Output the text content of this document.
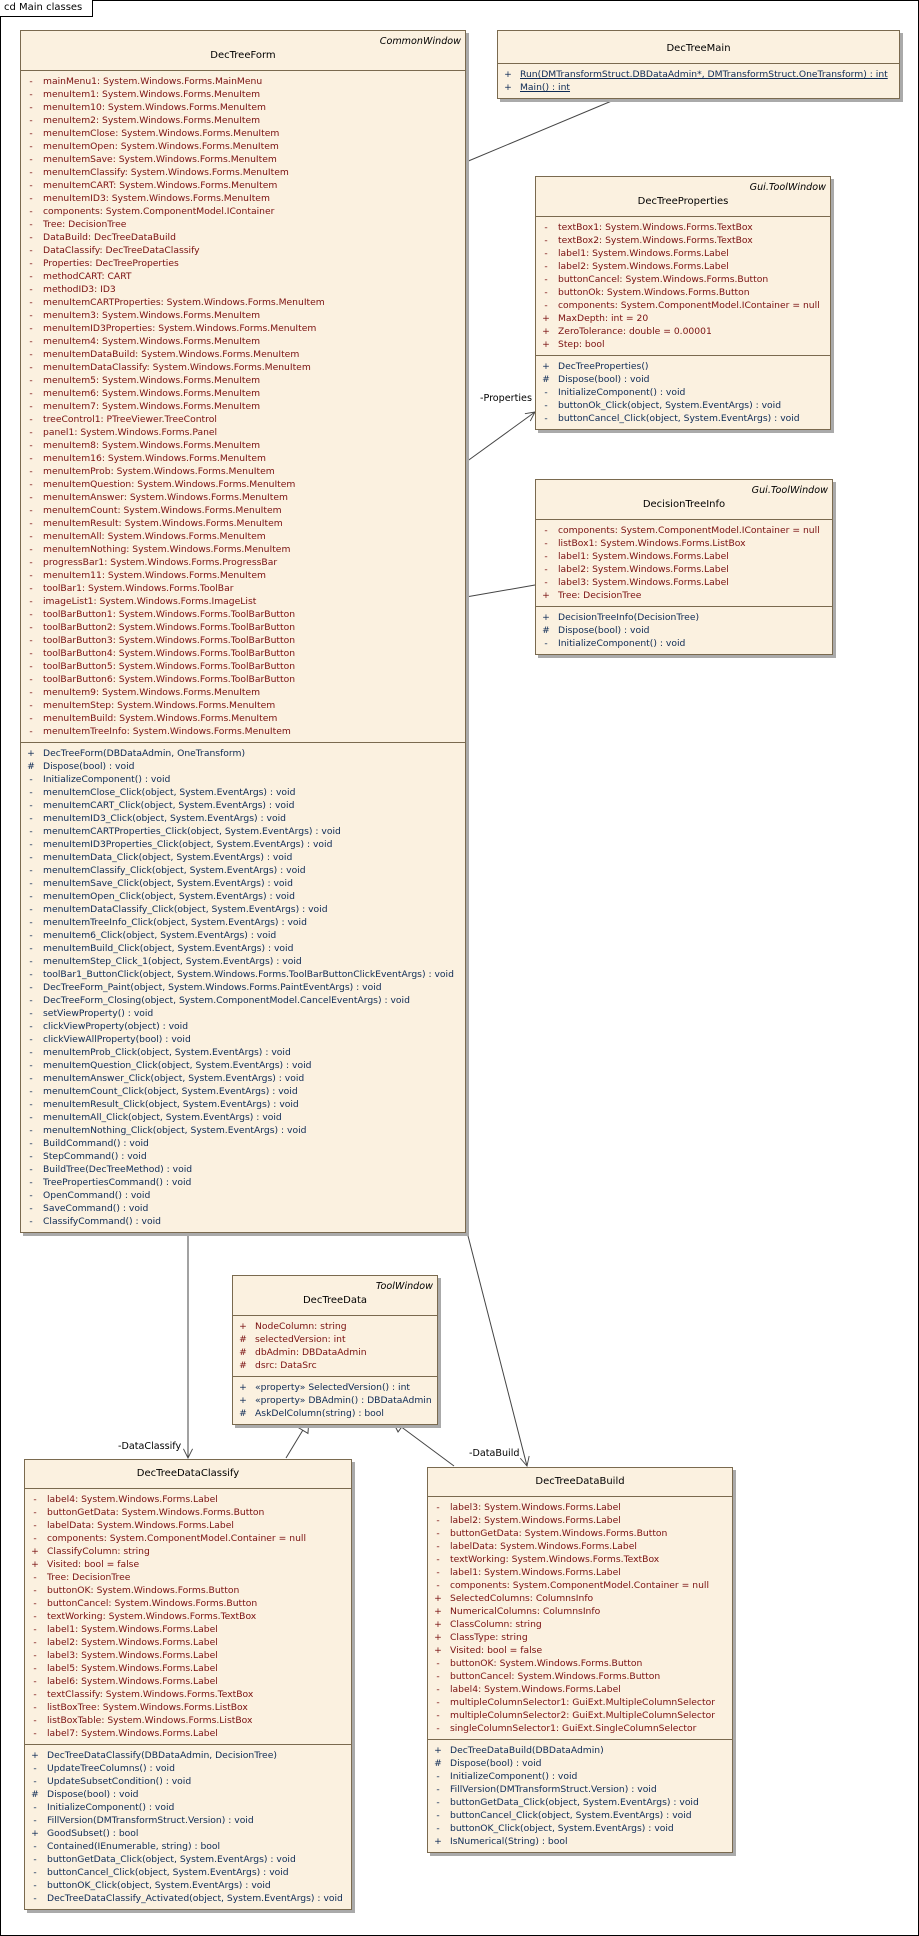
cd Main classes
-Properties
-DataClassify
-DataBuild
CommonWindow
DecTreeForm
-	mainMenu1: System.Windows.Forms.MainMenu
-	menuItem1: System.Windows.Forms.MenuItem
-	menuItem10: System.Windows.Forms.MenuItem
-	menuItem2: System.Windows.Forms.MenuItem
-	menuItemClose: System.Windows.Forms.MenuItem
-	menuItemOpen: System.Windows.Forms.MenuItem
-	menuItemSave: System.Windows.Forms.MenuItem
-	menuItemClassify: System.Windows.Forms.MenuItem
-	menuItemCART: System.Windows.Forms.MenuItem
-	menuItemID3: System.Windows.Forms.MenuItem
-	components: System.ComponentModel.IContainer
-	Tree: DecisionTree
-	DataBuild: DecTreeDataBuild
-	DataClassify: DecTreeDataClassify
-	Properties: DecTreeProperties
-	methodCART: CART
-	methodID3: ID3
-	menuItemCARTProperties: System.Windows.Forms.MenuItem
-	menuItem3: System.Windows.Forms.MenuItem
-	menuItemID3Properties: System.Windows.Forms.MenuItem
-	menuItem4: System.Windows.Forms.MenuItem
-	menuItemDataBuild: System.Windows.Forms.MenuItem
-	menuItemDataClassify: System.Windows.Forms.MenuItem
-	menuItem5: System.Windows.Forms.MenuItem
-	menuItem6: System.Windows.Forms.MenuItem
-	menuItem7: System.Windows.Forms.MenuItem
-	treeControl1: PTreeViewer.TreeControl
-	panel1: System.Windows.Forms.Panel
-	menuItem8: System.Windows.Forms.MenuItem
-	menuItem16: System.Windows.Forms.MenuItem
-	menuItemProb: System.Windows.Forms.MenuItem
-	menuItemQuestion: System.Windows.Forms.MenuItem
-	menuItemAnswer: System.Windows.Forms.MenuItem
-	menuItemCount: System.Windows.Forms.MenuItem
-	menuItemResult: System.Windows.Forms.MenuItem
-	menuItemAll: System.Windows.Forms.MenuItem
-	menuItemNothing: System.Windows.Forms.MenuItem
-	progressBar1: System.Windows.Forms.ProgressBar
-	menuItem11: System.Windows.Forms.MenuItem
-	toolBar1: System.Windows.Forms.ToolBar
-	imageList1: System.Windows.Forms.ImageList
-	toolBarButton1: System.Windows.Forms.ToolBarButton
-	toolBarButton2: System.Windows.Forms.ToolBarButton
-	toolBarButton3: System.Windows.Forms.ToolBarButton
-	toolBarButton4: System.Windows.Forms.ToolBarButton
-	toolBarButton5: System.Windows.Forms.ToolBarButton
-	toolBarButton6: System.Windows.Forms.ToolBarButton
-	menuItem9: System.Windows.Forms.MenuItem
-	menuItemStep: System.Windows.Forms.MenuItem
-	menuItemBuild: System.Windows.Forms.MenuItem
-	menuItemTreeInfo: System.Windows.Forms.MenuItem
+ DecTreeForm(DBDataAdmin, OneTransform)
# Dispose(bool) : void
-	InitializeComponent() : void
-	menuItemClose_Click(object, System.EventArgs) : void
-	menuItemCART_Click(object, System.EventArgs) : void
-	menuItemID3_Click(object, System.EventArgs) : void
-	menuItemCARTProperties_Click(object, System.EventArgs) : void
-	menuItemID3Properties_Click(object, System.EventArgs) : void
-	menuItemData_Click(object, System.EventArgs) : void
-	menuItemClassify_Click(object, System.EventArgs) : void
-	menuItemSave_Click(object, System.EventArgs) : void
-	menuItemOpen_Click(object, System.EventArgs) : void
-	menuItemDataClassify_Click(object, System.EventArgs) : void
-	menuItemTreeInfo_Click(object, System.EventArgs) : void
-	menuItem6_Click(object, System.EventArgs) : void
-	menuItemBuild_Click(object, System.EventArgs) : void
-	menuItemStep_Click_1(object, System.EventArgs) : void
-	toolBar1_ButtonClick(object, System.Windows.Forms.ToolBarButtonClickEventArgs) : void
-	DecTreeForm_Paint(object, System.Windows.Forms.PaintEventArgs) : void
-	DecTreeForm_Closing(object, System.ComponentModel.CancelEventArgs) : void
-	setViewProperty() : void
-	clickViewProperty(object) : void
-	clickViewAllProperty(bool) : void
-	menuItemProb_Click(object, System.EventArgs) : void
-	menuItemQuestion_Click(object, System.EventArgs) : void
-	menuItemAnswer_Click(object, System.EventArgs) : void
-	menuItemCount_Click(object, System.EventArgs) : void
-	menuItemResult_Click(object, System.EventArgs) : void
-	menuItemAll_Click(object, System.EventArgs) : void
-	menuItemNothing_Click(object, System.EventArgs) : void
-	BuildCommand() : void
-	StepCommand() : void
-	BuildTree(DecTreeMethod) : void
-	TreePropertiesCommand() : void
-	OpenCommand() : void
-	SaveCommand() : void
-	ClassifyCommand() : void
DecTreeMain
+ Run(DMTransformStruct.DBDataAdmin*, DMTransformStruct.OneTransform) : int
+ Main() : int
Gui.ToolWindow
DecTreeProperties
-	textBox1: System.Windows.Forms.TextBox
-	textBox2: System.Windows.Forms.TextBox
-	label1: System.Windows.Forms.Label
-	label2: System.Windows.Forms.Label
-	buttonCancel: System.Windows.Forms.Button
-	buttonOk: System.Windows.Forms.Button
-	components: System.ComponentModel.IContainer = null
+ MaxDepth: int = 20
+ ZeroTolerance: double = 0.00001
+ Step: bool
+ DecTreeProperties()
# Dispose(bool) : void
-	InitializeComponent() : void
-	buttonOk_Click(object, System.EventArgs) : void
-	buttonCancel_Click(object, System.EventArgs) : void
Gui.ToolWindow
DecisionTreeInfo
-	components: System.ComponentModel.IContainer = null
-	listBox1: System.Windows.Forms.ListBox
-	label1: System.Windows.Forms.Label
-	label2: System.Windows.Forms.Label
-	label3: System.Windows.Forms.Label
+ Tree: DecisionTree
+ DecisionTreeInfo(DecisionTree)
# Dispose(bool) : void
-	InitializeComponent() : void
ToolWindow
DecTreeData
+ NodeColumn: string
# selectedVersion: int
# dbAdmin: DBDataAdmin
# dsrc: DataSrc
+ «property» SelectedVersion() : int
+ «property» DBAdmin() : DBDataAdmin
# AskDelColumn(string) : bool
DecTreeDataClassify
-	label4: System.Windows.Forms.Label
-	buttonGetData: System.Windows.Forms.Button
-	labelData: System.Windows.Forms.Label
-	components: System.ComponentModel.Container = null
+ ClassifyColumn: string
+ Visited: bool = false
-	Tree: DecisionTree
-	buttonOK: System.Windows.Forms.Button
-	buttonCancel: System.Windows.Forms.Button
-	textWorking: System.Windows.Forms.TextBox
-	label1: System.Windows.Forms.Label
-	label2: System.Windows.Forms.Label
-	label3: System.Windows.Forms.Label
-	label5: System.Windows.Forms.Label
-	label6: System.Windows.Forms.Label
-	textClassify: System.Windows.Forms.TextBox
-	listBoxTree: System.Windows.Forms.ListBox
-	listBoxTable: System.Windows.Forms.ListBox
-	label7: System.Windows.Forms.Label
+ DecTreeDataClassify(DBDataAdmin, DecisionTree)
-	UpdateTreeColumns() : void
-	UpdateSubsetCondition() : void
# Dispose(bool) : void
-	InitializeComponent() : void
-	FillVersion(DMTransformStruct.Version) : void
+ GoodSubset() : bool
-	Contained(IEnumerable, string) : bool
-	buttonGetData_Click(object, System.EventArgs) : void
-	buttonCancel_Click(object, System.EventArgs) : void
-	buttonOK_Click(object, System.EventArgs) : void
-	DecTreeDataClassify_Activated(object, System.EventArgs) : void
DecTreeDataBuild
-	label3: System.Windows.Forms.Label
-	label2: System.Windows.Forms.Label
-	buttonGetData: System.Windows.Forms.Button
-	labelData: System.Windows.Forms.Label
-	textWorking: System.Windows.Forms.TextBox
-	label1: System.Windows.Forms.Label
-	components: System.ComponentModel.Container = null
+ SelectedColumns: ColumnsInfo
+ NumericalColumns: ColumnsInfo
+ ClassColumn: string
+ ClassType: string
+ Visited: bool = false
-	buttonOK: System.Windows.Forms.Button
-	buttonCancel: System.Windows.Forms.Button
-	label4: System.Windows.Forms.Label
-	multipleColumnSelector1: GuiExt.MultipleColumnSelector
-	multipleColumnSelector2: GuiExt.MultipleColumnSelector
-	singleColumnSelector1: GuiExt.SingleColumnSelector
+ DecTreeDataBuild(DBDataAdmin)
# Dispose(bool) : void
-	InitializeComponent() : void
-	FillVersion(DMTransformStruct.Version) : void
-	buttonGetData_Click(object, System.EventArgs) : void
-	buttonCancel_Click(object, System.EventArgs) : void
-	buttonOK_Click(object, System.EventArgs) : void
+ IsNumerical(String) : bool
